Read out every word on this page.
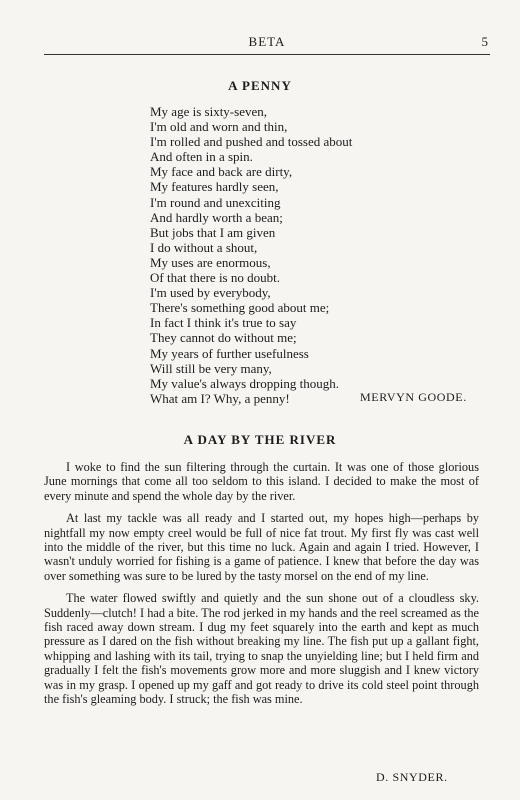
BETA	5
A PENNY
My age is sixty-seven,
I'm old and worn and thin,
I'm rolled and pushed and tossed about
And often in a spin.
My face and back are dirty,
My features hardly seen,
I'm round and unexciting
And hardly worth a bean;
But jobs that I am given
I do without a shout,
My uses are enormous,
Of that there is no doubt.
I'm used by everybody,
There's something good about me;
In fact I think it's true to say
They cannot do without me;
My years of further usefulness
Will still be very many,
My value's always dropping though.
What am I? Why, a penny!	MERVYN GOODE.
A DAY BY THE RIVER

I woke to find the sun filtering through the curtain. It was one of those glorious June mornings that come all too seldom to this island. I decided to make the most of every minute and spend the whole day by the river.

At last my tackle was all ready and I started out, my hopes high—perhaps by nightfall my now empty creel would be full of nice fat trout. My first fly was cast well into the middle of the river, but this time no luck. Again and again I tried. However, I wasn't unduly worried for fishing is a game of patience. I knew that before the day was over something was sure to be lured by the tasty morsel on the end of my line.

The water flowed swiftly and quietly and the sun shone out of a cloudless sky. Suddenly—clutch! I had a bite. The rod jerked in my hands and the reel screamed as the fish raced away down stream. I dug my feet squarely into the earth and kept as much pressure as I dared on the fish without breaking my line. The fish put up a gallant fight, whipping and lashing with its tail, trying to snap the unyielding line; but I held firm and gradually I felt the fish's movements grow more and more sluggish and I knew victory was in my grasp. I opened up my gaff and got ready to drive its cold steel point through the fish's gleaming body. I struck; the fish was mine.

D. SNYDER.
